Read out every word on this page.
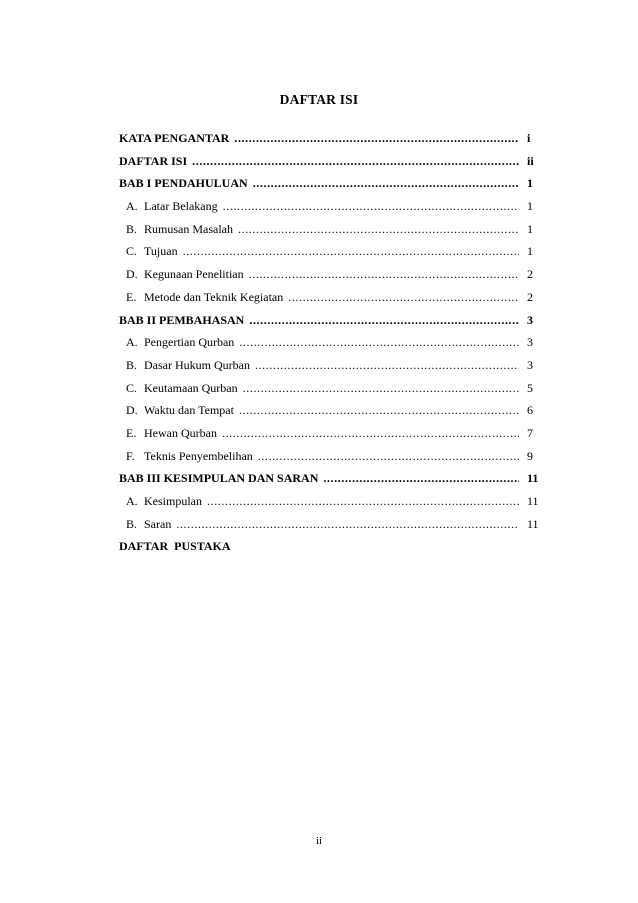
DAFTAR ISI
KATA PENGANTAR .....	i
DAFTAR ISI .....	ii
BAB I PENDAHULUAN .....	1
A. Latar Belakang .....	1
B. Rumusan Masalah .....	1
C. Tujuan .....	1
D. Kegunaan Penelitian .....	2
E. Metode dan Teknik Kegiatan .....	2
BAB II PEMBAHASAN .....	3
A. Pengertian Qurban .....	3
B. Dasar Hukum Qurban .....	3
C. Keutamaan Qurban .....	5
D. Waktu dan Tempat .....	6
E. Hewan Qurban .....	7
F. Teknis Penyembelihan .....	9
BAB III KESIMPULAN DAN SARAN .....	11
A. Kesimpulan .....	11
B. Saran .....	11
DAFTAR  PUSTAKA
ii
